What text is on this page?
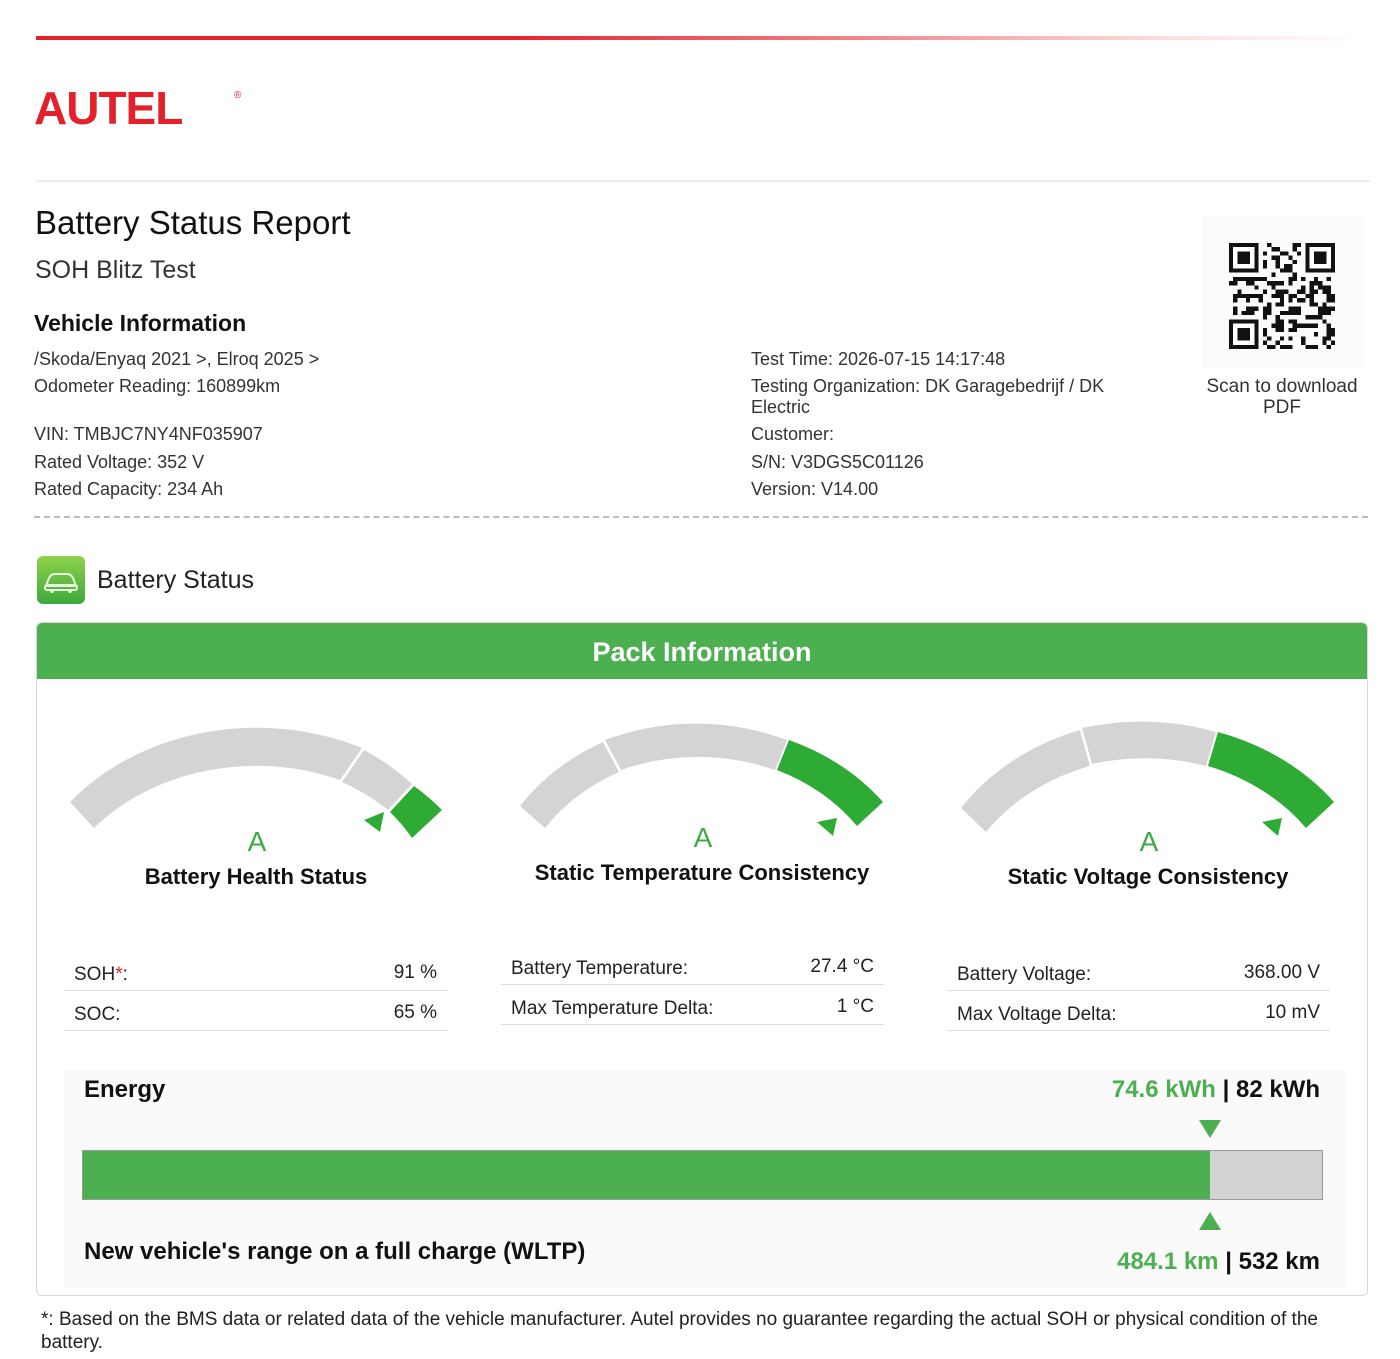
AUTEL	®
Battery Status Report
SOH Blitz Test
Vehicle Information
/Skoda/Enyaq 2021 >, Elroq 2025 >
Odometer Reading: 160899km
VIN: TMBJC7NY4NF035907
Rated Voltage: 352 V
Rated Capacity: 234 Ah
Test Time: 2026-07-15 14:17:48
Testing Organization: DK Garagebedrijf / DK
Electric
Customer:
S/N: V3DGS5C01126
Version: V14.00
Scan to download
PDF
Battery Status
Pack Information
A
Battery Health Status
A
Static Temperature Consistency
A
Static Voltage Consistency
SOH*:	91 %
SOC:	65 %
Battery Temperature:	27.4 °C
Max Temperature Delta:	1 °C
Battery Voltage:	368.00 V
Max Voltage Delta:	10 mV
Energy	74.6 kWh | 82 kWh
New vehicle's range on a full charge (WLTP)	484.1 km | 532 km
*: Based on the BMS data or related data of the vehicle manufacturer. Autel provides no guarantee regarding the actual SOH or physical condition of the battery.
